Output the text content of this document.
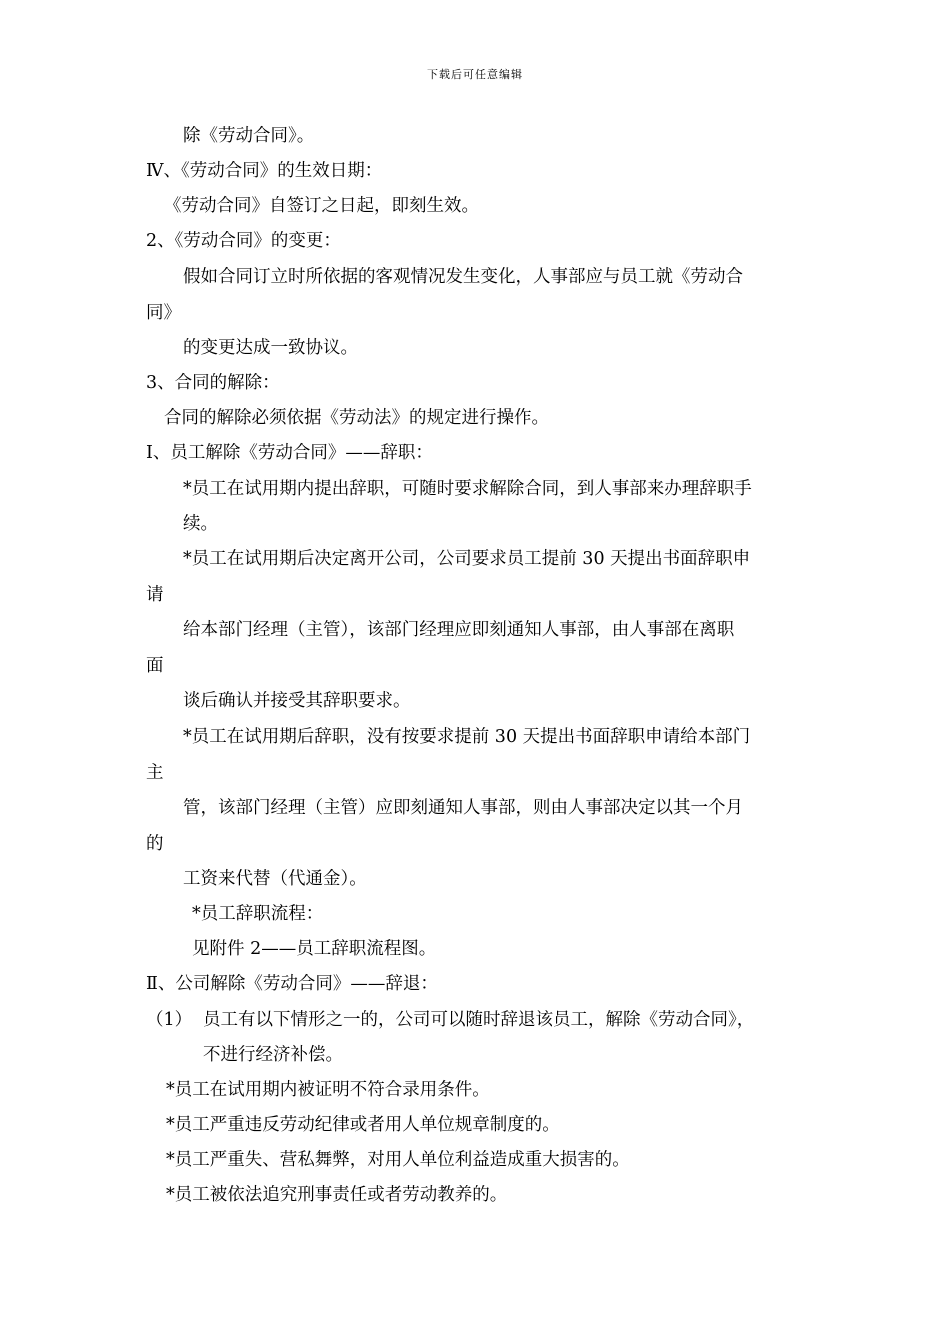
下载后可任意编辑
除《劳动合同》。
Ⅳ、《劳动合同》的生效日期：
《劳动合同》自签订之日起，即刻生效。
2、《劳动合同》的变更：
假如合同订立时所依据的客观情况发生变化，人事部应与员工就《劳动合
同》
的变更达成一致协议。
3、合同的解除：
合同的解除必须依据《劳动法》的规定进行操作。
Ⅰ、员工解除《劳动合同》——辞职：
*员工在试用期内提出辞职，可随时要求解除合同，到人事部来办理辞职手
续。
*员工在试用期后决定离开公司，公司要求员工提前 30 天提出书面辞职申
请
给本部门经理（主管），该部门经理应即刻通知人事部，由人事部在离职
面
谈后确认并接受其辞职要求。
*员工在试用期后辞职，没有按要求提前 30 天提出书面辞职申请给本部门
主
管，该部门经理（主管）应即刻通知人事部，则由人事部决定以其一个月
的
工资来代替（代通金）。
*员工辞职流程：
见附件 2——员工辞职流程图。
Ⅱ、公司解除《劳动合同》——辞退：
（1） 员工有以下情形之一的，公司可以随时辞退该员工，解除《劳动合同》，
不进行经济补偿。
*员工在试用期内被证明不符合录用条件。
*员工严重违反劳动纪律或者用人单位规章制度的。
*员工严重失、营私舞弊，对用人单位利益造成重大损害的。
*员工被依法追究刑事责任或者劳动教养的。
